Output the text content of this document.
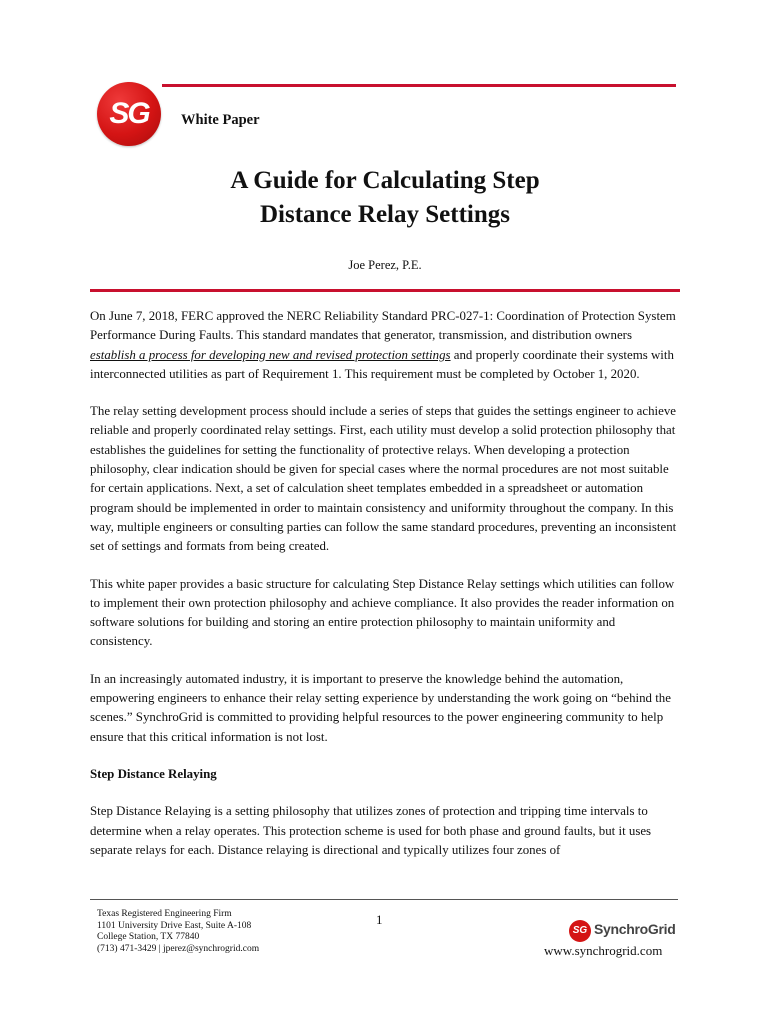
SG	White Paper
A Guide for Calculating Step
Distance Relay Settings
Joe Perez, P.E.

On June 7, 2018, FERC approved the NERC Reliability Standard PRC-027-1: Coordination of Protection System Performance During Faults. This standard mandates that generator, transmission, and distribution owners establish a process for developing new and revised protection settings and properly coordinate their systems with interconnected utilities as part of Requirement 1. This requirement must be completed by October 1, 2020.

The relay setting development process should include a series of steps that guides the settings engineer to achieve reliable and properly coordinated relay settings. First, each utility must develop a solid protection philosophy that establishes the guidelines for setting the functionality of protective relays. When developing a protection philosophy, clear indication should be given for special cases where the normal procedures are not most suitable for certain applications. Next, a set of calculation sheet templates embedded in a spreadsheet or automation program should be implemented in order to maintain consistency and uniformity throughout the company. In this way, multiple engineers or consulting parties can follow the same standard procedures, preventing an inconsistent set of settings and formats from being created.

This white paper provides a basic structure for calculating Step Distance Relay settings which utilities can follow to implement their own protection philosophy and achieve compliance. It also provides the reader information on software solutions for building and storing an entire protection philosophy to maintain uniformity and consistency.

In an increasingly automated industry, it is important to preserve the knowledge behind the automation, empowering engineers to enhance their relay setting experience by understanding the work going on “behind the scenes.” SynchroGrid is committed to providing helpful resources to the power engineering community to help ensure that this critical information is not lost.

Step Distance Relaying

Step Distance Relaying is a setting philosophy that utilizes zones of protection and tripping time intervals to determine when a relay operates. This protection scheme is used for both phase and ground faults, but it uses separate relays for each. Distance relaying is directional and typically utilizes four zones of

Texas Registered Engineering Firm
1101 University Drive East, Suite A-108
College Station, TX 77840
(713) 471-3429 | jperez@synchrogrid.com
1
SG SynchroGrid
www.synchrogrid.com
